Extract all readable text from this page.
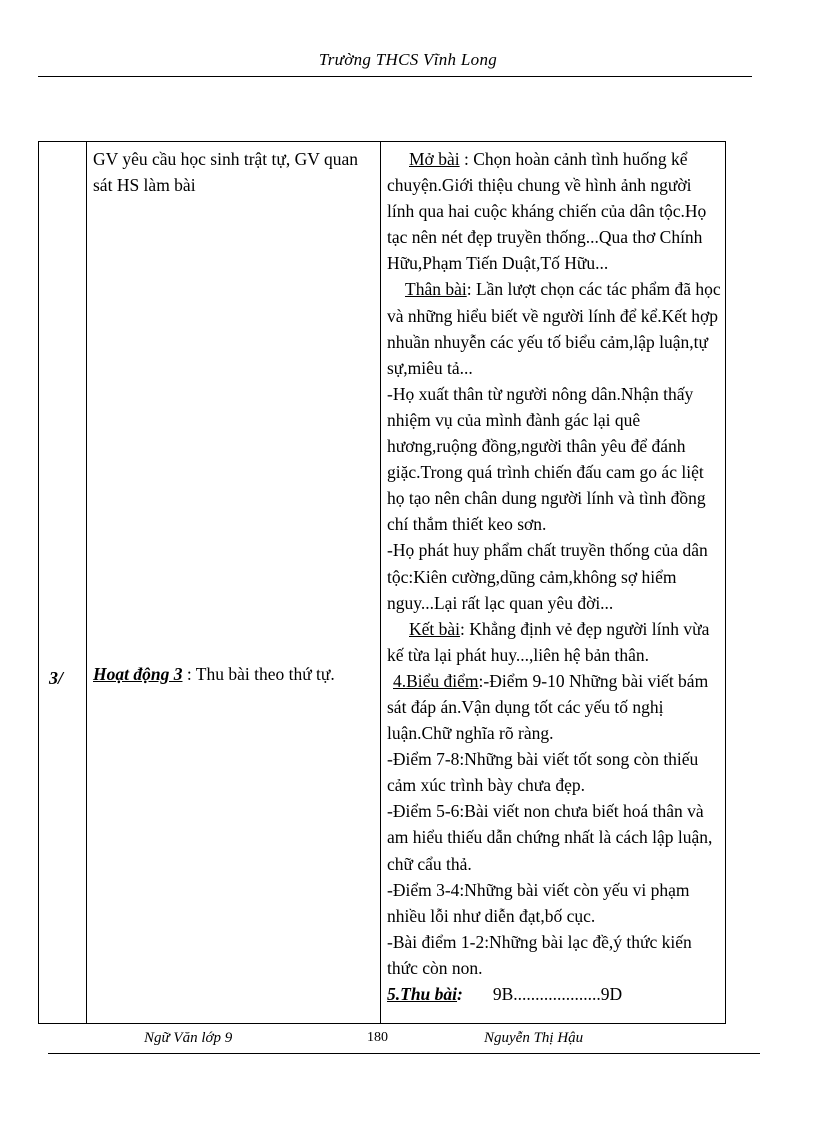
Trường THCS Vĩnh Long
3/
GV yêu cầu học sinh trật tự, GV quan sát HS làm bài
Hoạt động 3 : Thu bài theo thứ tự.
Mở bài : Chọn hoàn cảnh tình huống kể chuyện.Giới thiệu chung về hình ảnh người lính qua hai cuộc kháng chiến của dân tộc.Họ tạc nên nét đẹp truyền thống...Qua thơ Chính Hữu,Phạm Tiến Duật,Tố Hữu...
Thân bài: Lần lượt chọn các tác phẩm đã học và những hiểu biết về người lính để kể.Kết hợp nhuần nhuyễn các yếu tố biểu cảm,lập luận,tự sự,miêu tả...
-Họ xuất thân từ người nông dân.Nhận thấy nhiệm vụ của mình đành gác lại quê hương,ruộng đồng,người thân yêu để đánh giặc.Trong quá trình chiến đấu cam go ác liệt họ tạo nên chân dung người lính và tình đồng chí thắm thiết keo sơn.
-Họ phát huy phẩm chất truyền thống của dân tộc:Kiên cường,dũng cảm,không sợ hiểm nguy...Lại rất lạc quan yêu đời...
Kết bài: Khẳng định vẻ đẹp người lính vừa kế từa lại phát huy...,liên hệ bản thân.
4.Biểu điểm:-Điểm 9-10 Những bài viết bám sát đáp án.Vận dụng tốt các yếu tố nghị luận.Chữ nghĩa rõ ràng.
-Điểm 7-8:Những bài viết tốt song còn thiếu cảm xúc trình bày chưa đẹp.
-Điểm 5-6:Bài viết non chưa biết hoá thân và am hiểu thiếu dẫn chứng nhất là cách lập luận, chữ cẩu thả.
-Điểm 3-4:Những bài viết còn yếu vi phạm nhiều lỗi như diễn đạt,bố cục.
-Bài điểm 1-2:Những bài lạc đề,ý thức kiến thức còn non.
5.Thu bài: 9B....................9D
Ngữ Văn lớp 9	180	Nguyễn Thị Hậu
